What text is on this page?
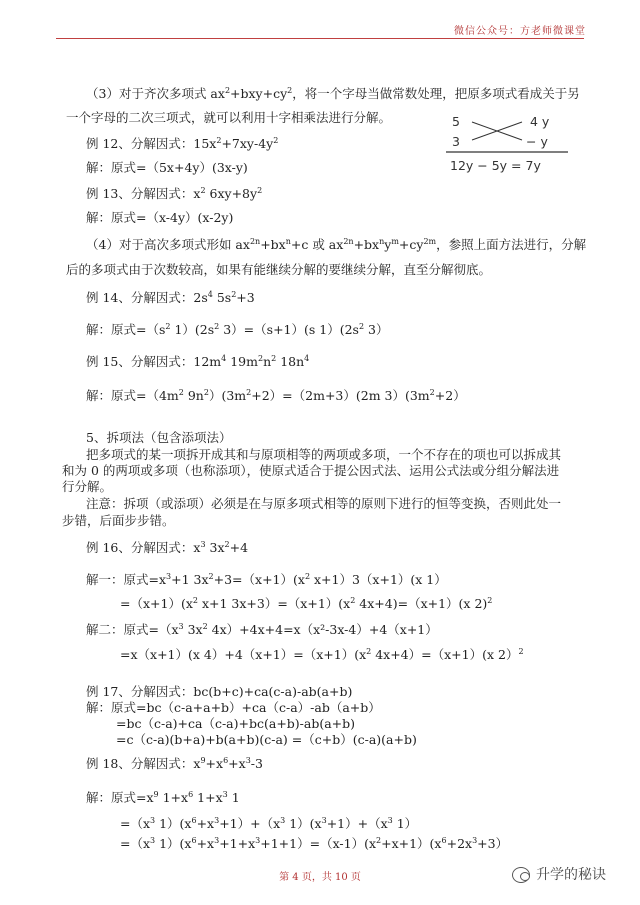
微信公众号：方老师微课堂
（3）对于齐次多项式 $ax^2+bxy+cy^2$，将一个字母当做常数处理，把原多项式看成关于另
一个字母的二次三项式，就可以利用十字相乘法进行分解。	5	4 y
3	− y
12y − 5y = 7y
例 12、分解因式：$15x^2+7xy-4y^2$
解：原式=（5x+4y）(3x-y)
例 13、分解因式：$x^2$ $6xy+8y^2$
解：原式=（x-4y）(x-2y)
（4）对于高次多项式形如 $ax^{2n}+bx^n+c$ 或 $ax^{2n}+bx^ny^m+cy^{2m}$，参照上面方法进行，分解
后的多项式由于次数较高，如果有能继续分解的要继续分解，直至分解彻底。
例 14、分解因式：$2s^4$ $5s^2+3$
解：原式$=(s^2$ $1)(2s^2$ 3）=（s+1）(s $1)(2s^2$ 3）
例 15、分解因式：$12m^4$ $19m^2n^2$ $18n^4$
解：原式$=(4m^2$ $9n^2)(3m^2+2)=(2m+3)(2m$ $3)(3m^2+2)$
5、拆项法（包含添项法）
把多项式的某一项拆开成其和与原项相等的两项或多项，一个不存在的项也可以拆成其
和为 0 的两项或多项（也称添项），使原式适合于提公因式法、运用公式法或分组分解法进
行分解。
注意：拆项（或添项）必须是在与原多项式相等的原则下进行的恒等变换，否则此处一
步错，后面步步错。
例 16、分解因式：$x^3$ $3x^2+4$
解一：原式$=x^3+1$ $3x^2+3=(x+1)(x^2$ x+1）3（x+1）(x 1）
$=(x+1)(x^2$ x+1 $3x+3)=(x+1)(x^2$ 4x+4)=（x+1）(x 2)$^2$
解二：原式$=(x^3$ $3x^2$ 4x）+4x+4=x（x²-3x-4）+4（x+1）
=x（x+1）(x $4)+4(x+1)=(x+1)(x^2$ 4x+4）=（x+1）(x 2）$^2$
例 17、分解因式：bc(b+c)+ca(c-a)-ab(a+b)
解：原式=bc（c-a+a+b）+ca（c-a）-ab（a+b）
=bc（c-a)+ca（c-a)+bc(a+b)-ab(a+b)
=c（c-a)(b+a)+b(a+b)(c-a) =（c+b）(c-a)(a+b)
例 18、分解因式：$x^9+x^6+x^3-3$
解：原式$=x^9$ $1+x^6$ $1+x^3$ 1
$=(x^3$ $1)(x^6+x^3+1)+(x^3$ $1)(x^3+1)+(x^3$ 1）
$=(x^3$ $1)(x^6+x^3+1+x^3+1+1)=(x-1)(x^2+x+1)(x^6+2x^3+3)$
第 4 页，共 10 页	升学的秘诀
